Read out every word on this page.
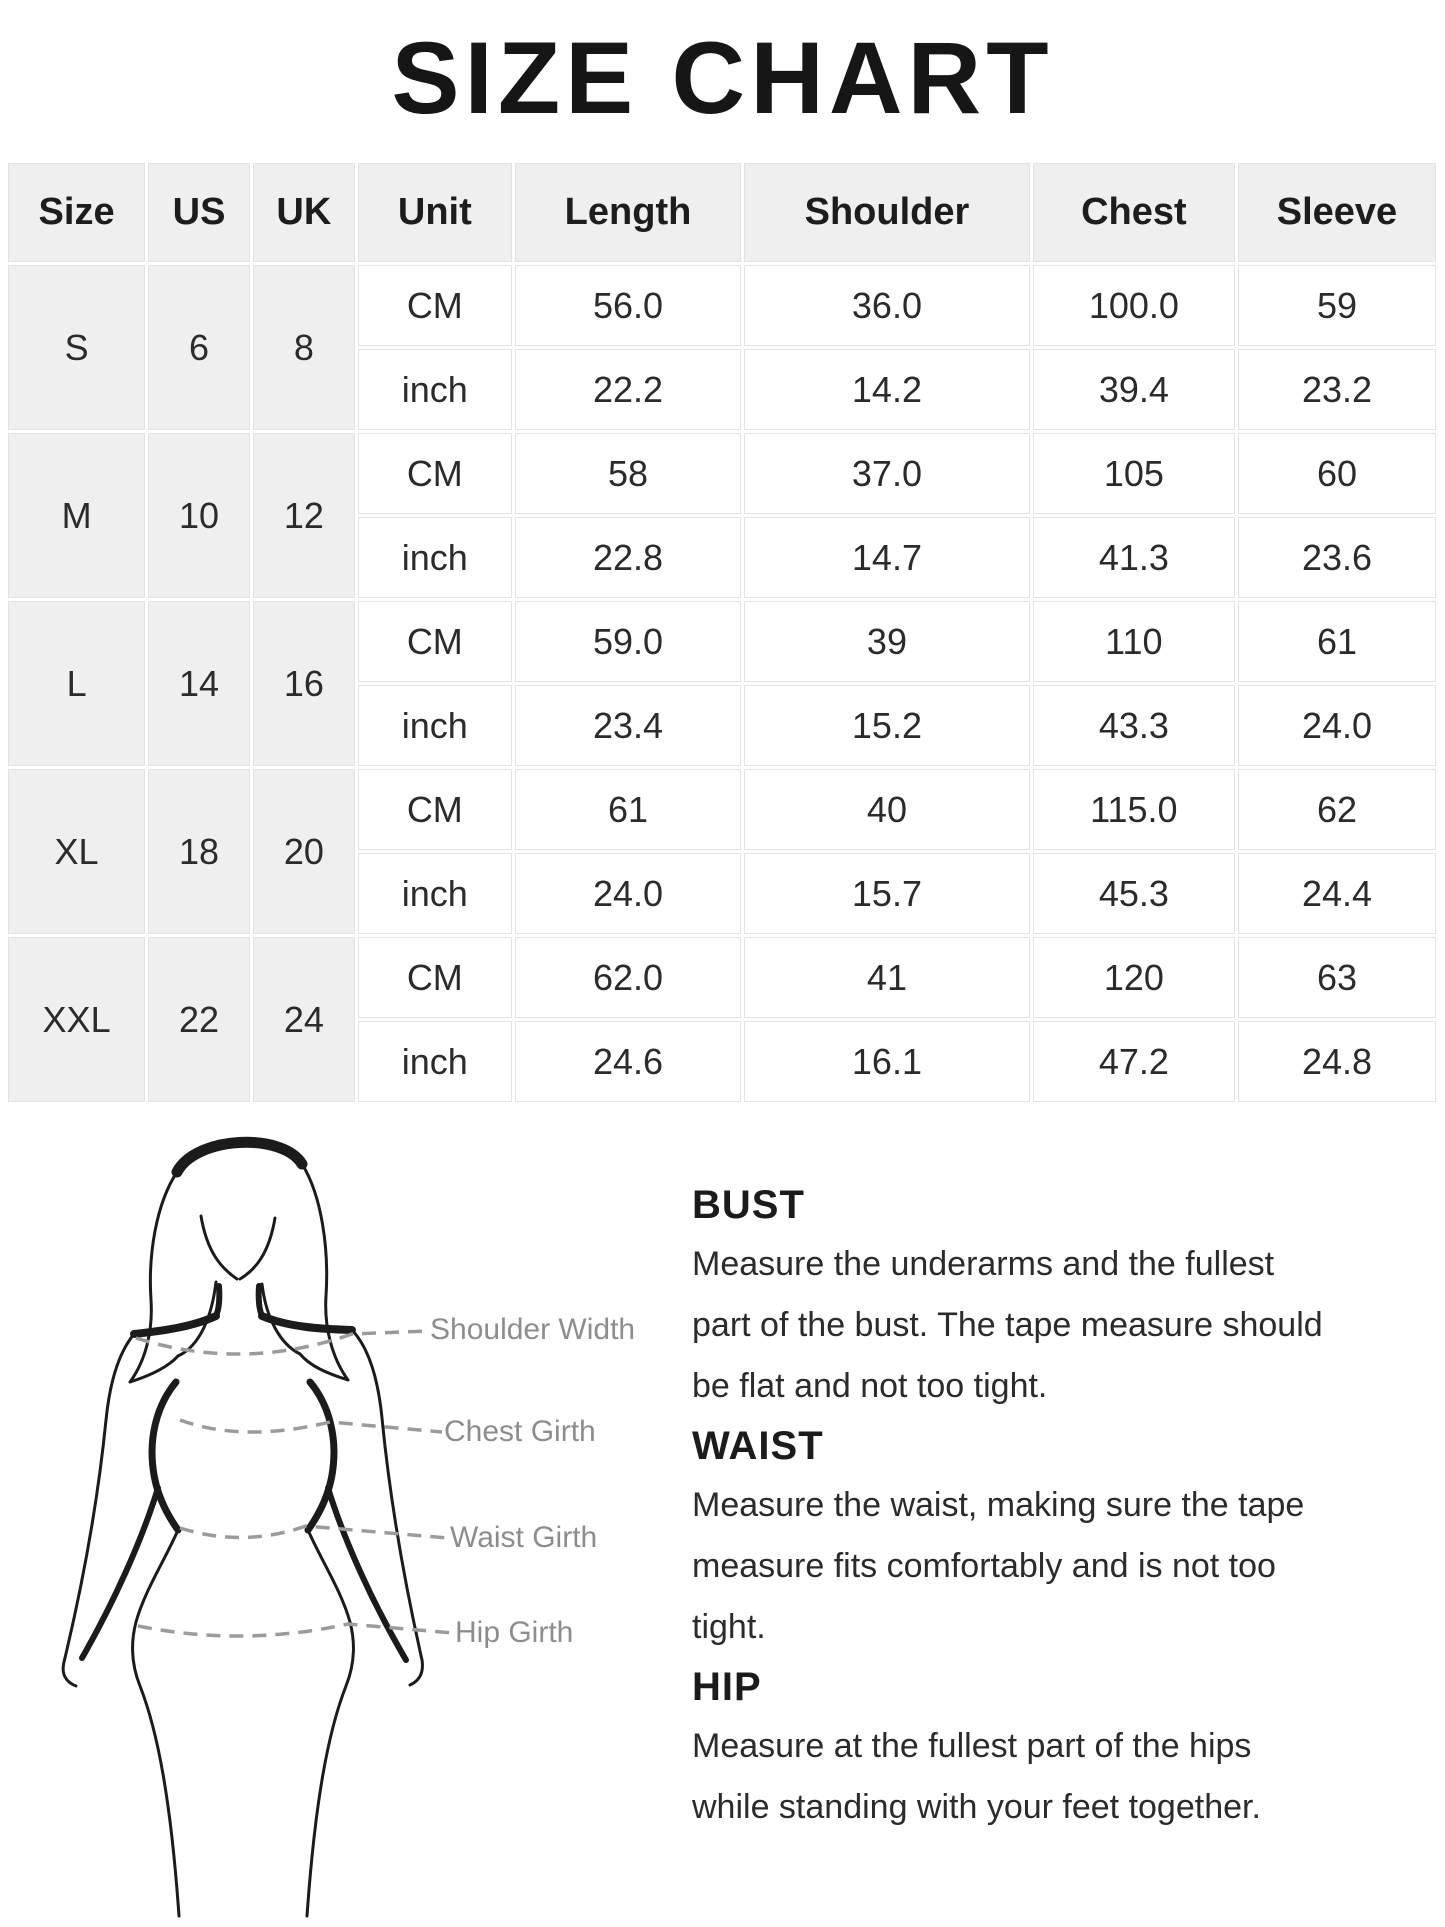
SIZE CHART
Size	US	UK	Unit	Length	Shoulder	Chest	Sleeve
S	6	8	CM	56.0	36.0	100.0	59
			inch	22.2	14.2	39.4	23.2
M	10	12	CM	58	37.0	105	60
			inch	22.8	14.7	41.3	23.6
L	14	16	CM	59.0	39	110	61
			inch	23.4	15.2	43.3	24.0
XL	18	20	CM	61	40	115.0	62
			inch	24.0	15.7	45.3	24.4
XXL	22	24	CM	62.0	41	120	63
			inch	24.6	16.1	47.2	24.8
Shoulder Width
Chest Girth
Waist Girth
Hip Girth
BUST

Measure the underarms and the fullest

part of the bust. The tape measure should

be flat and not too tight.

WAIST

Measure the waist, making sure the tape

measure fits comfortably and is not too

tight.

HIP

Measure at the fullest part of the hips

while standing with your feet together.
